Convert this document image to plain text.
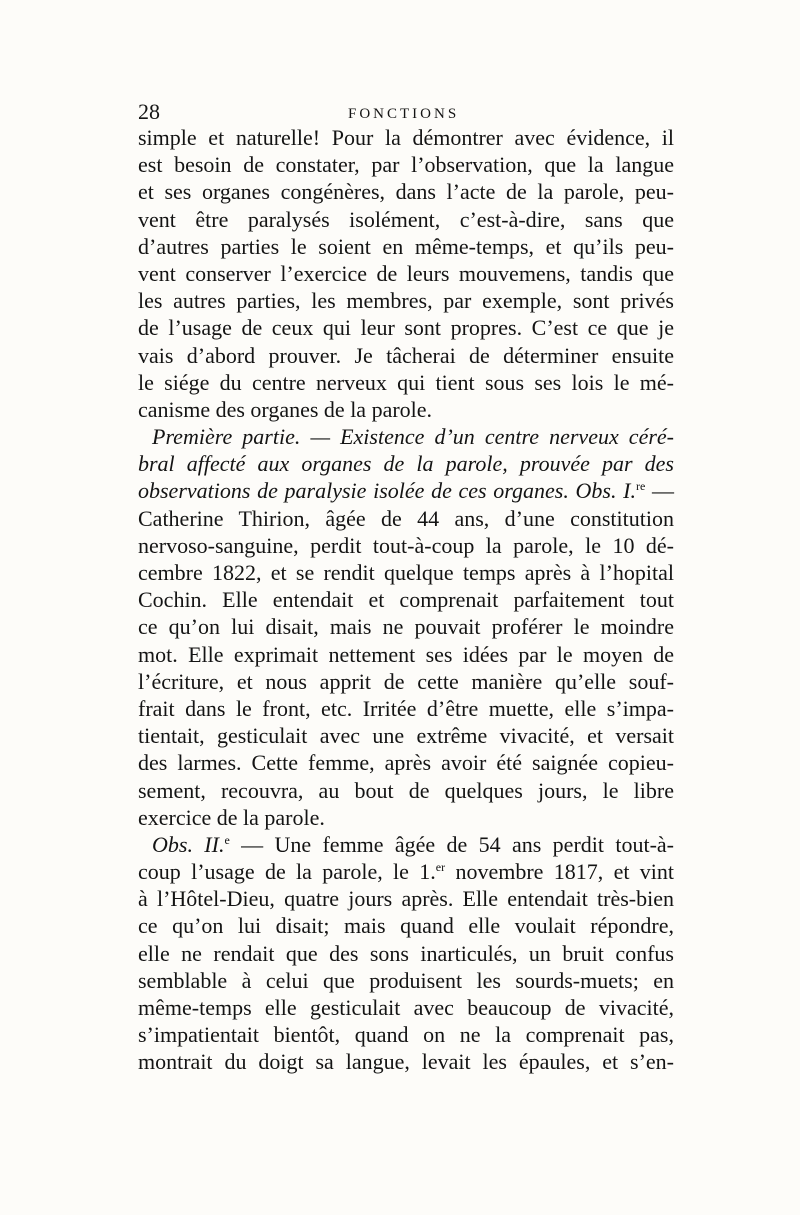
28	FONCTIONS
simple et naturelle! Pour la démontrer avec évidence, il
est besoin de constater, par l’observation, que la langue
et ses organes congénères, dans l’acte de la parole, peu-
vent être paralysés isolément, c’est-à-dire, sans que
d’autres parties le soient en même-temps, et qu’ils peu-
vent conserver l’exercice de leurs mouvemens, tandis que
les autres parties, les membres, par exemple, sont privés
de l’usage de ceux qui leur sont propres. C’est ce que je
vais d’abord prouver. Je tâcherai de déterminer ensuite
le siége du centre nerveux qui tient sous ses lois le mé-
canisme des organes de la parole.
Première partie. — Existence d’un centre nerveux céré-
bral affecté aux organes de la parole, prouvée par des
observations de paralysie isolée de ces organes. Obs. I.$^{re}$ —
Catherine Thirion, âgée de 44 ans, d’une constitution
nervoso-sanguine, perdit tout-à-coup la parole, le 10 dé-
cembre 1822, et se rendit quelque temps après à l’hopital
Cochin. Elle entendait et comprenait parfaitement tout
ce qu’on lui disait, mais ne pouvait proférer le moindre
mot. Elle exprimait nettement ses idées par le moyen de
l’écriture, et nous apprit de cette manière qu’elle souf-
frait dans le front, etc. Irritée d’être muette, elle s’impa-
tientait, gesticulait avec une extrême vivacité, et versait
des larmes. Cette femme, après avoir été saignée copieu-
sement, recouvra, au bout de quelques jours, le libre
exercice de la parole.
Obs. II.$^e$ — Une femme âgée de 54 ans perdit tout-à-
coup l’usage de la parole, le 1.$^{er}$ novembre 1817, et vint
à l’Hôtel-Dieu, quatre jours après. Elle entendait très-bien
ce qu’on lui disait; mais quand elle voulait répondre,
elle ne rendait que des sons inarticulés, un bruit confus
semblable à celui que produisent les sourds-muets; en
même-temps elle gesticulait avec beaucoup de vivacité,
s’impatientait bientôt, quand on ne la comprenait pas,
montrait du doigt sa langue, levait les épaules, et s’en-
